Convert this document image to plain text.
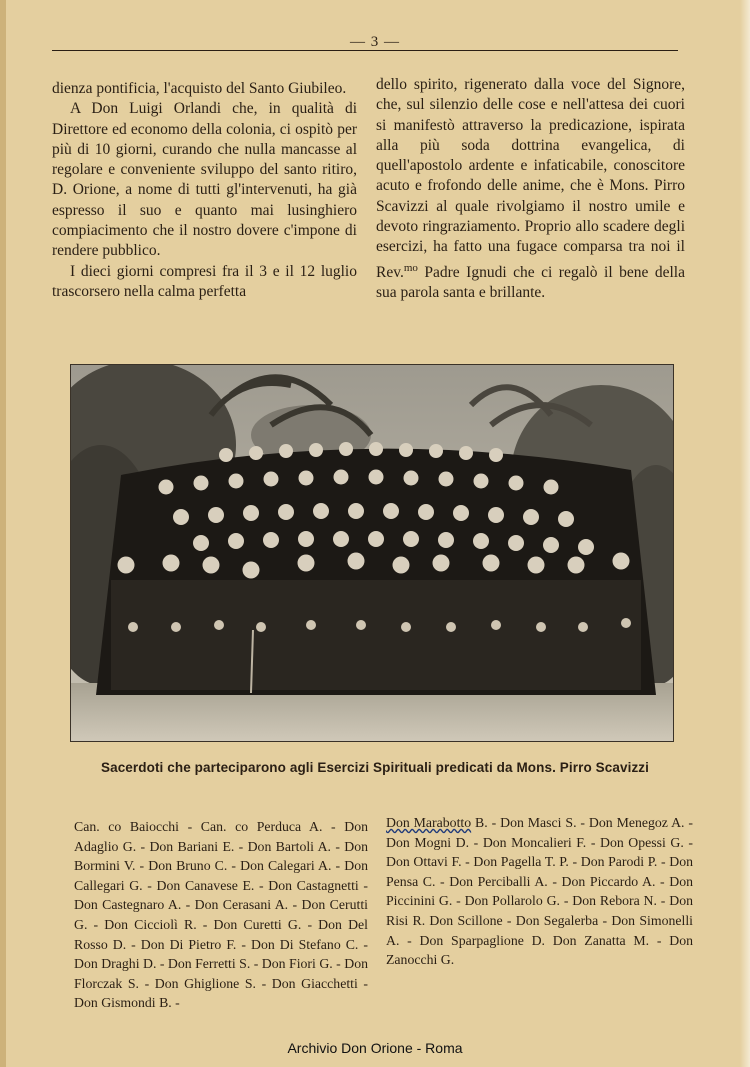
— 3 —

dienza pontificia, l'acquisto del Santo Giubileo.

A Don Luigi Orlandi che, in qualità di Direttore ed economo della colonia, ci ospitò per più di 10 giorni, curando che nulla mancasse al regolare e conveniente sviluppo del santo ritiro, D. Orione, a nome di tutti gl'intervenuti, ha già espresso il suo e quanto mai lusinghiero compiacimento che il nostro dovere c'impone di rendere pubblico.

I dieci giorni compresi fra il 3 e il 12 luglio trascorsero nella calma perfetta

dello spirito, rigenerato dalla voce del Signore, che, sul silenzio delle cose e nell'attesa dei cuori si manifestò attraverso la predicazione, ispirata alla più soda dottrina evangelica, di quell'apostolo ardente e infaticabile, conoscitore acuto e frofondo delle anime, che è Mons. Pirro Scavizzi al quale rivolgiamo il nostro umile e devoto ringraziamento. Proprio allo scadere degli esercizi, ha fatto una fugace comparsa tra noi il Rev.$^{mo}$ Padre Ignudi che ci regalò il bene della sua parola santa e brillante.

Sacerdoti che parteciparono agli Esercizi Spirituali predicati da Mons. Pirro Scavizzi
Can. co Baiocchi - Can. co Perduca A. - Don Adaglio G. - Don Bariani E. - Don Bartoli A. - Don Bormini V. - Don Bruno C. - Don Calegari A. - Don Callegari G. - Don Canavese E. - Don Castagnetti - Don Castegnaro A. - Don Cerasani A. - Don Cerutti G. - Don Cicciolì R. - Don Curetti G. - Don Del Rosso D. - Don Di Pietro F. - Don Di Stefano C. - Don Draghi D. - Don Ferretti S. - Don Fiori G. - Don Florczak S. - Don Ghiglione S. - Don Giacchetti - Don Gismondi B. -
Don Marabotto B. - Don Masci S. - Don Menegoz A. - Don Mogni D. - Don Moncalieri F. - Don Opessi G. - Don Ottavi F. - Don Pagella T. P. - Don Parodi P. - Don Pensa C. - Don Perciballi A. - Don Piccardo A. - Don Piccinini G. - Don Pollarolo G. - Don Rebora N. - Don Risi R. Don Scillone - Don Segalerba - Don Simonelli A. - Don Sparpaglione D. Don Zanatta M. - Don Zanocchi G.
Archivio Don Orione - Roma
